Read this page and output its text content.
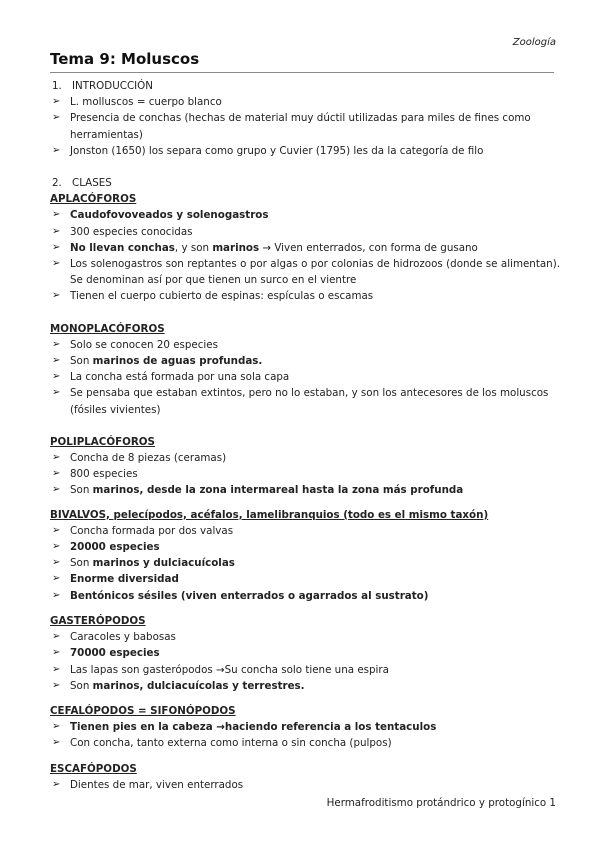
Zoología
Tema 9: Moluscos
1. INTRODUCCIÓN
➢ L. molluscos = cuerpo blanco
➢ Presencia de conchas (hechas de material muy dúctil utilizadas para miles de fines como herramientas)
➢ Jonston (1650) los separa como grupo y Cuvier (1795) les da la categoría de filo
2. CLASES
APLACÓFOROS
➢ Caudofovoveados y solenogastros
➢ 300 especies conocidas
➢ No llevan conchas, y son marinos → Viven enterrados, con forma de gusano
➢ Los solenogastros son reptantes o por algas o por colonias de hidrozoos (donde se alimentan). Se denominan así por que tienen un surco en el vientre
➢ Tienen el cuerpo cubierto de espinas: espículas o escamas
MONOPLACÓFOROS
➢ Solo se conocen 20 especies
➢ Son marinos de aguas profundas.
➢ La concha está formada por una sola capa
➢ Se pensaba que estaban extintos, pero no lo estaban, y son los antecesores de los moluscos (fósiles vivientes)
POLIPLACÓFOROS
➢ Concha de 8 piezas (ceramas)
➢ 800 especies
➢ Son marinos, desde la zona intermareal hasta la zona más profunda
BIVALVOS, pelecípodos, acéfalos, lamelibranquios (todo es el mismo taxón)
➢ Concha formada por dos valvas
➢ 20000 especies
➢ Son marinos y dulciacuícolas
➢ Enorme diversidad
➢ Bentónicos sésiles (viven enterrados o agarrados al sustrato)
GASTERÓPODOS
➢ Caracoles y babosas
➢ 70000 especies
➢ Las lapas son gasterópodos →Su concha solo tiene una espira
➢ Son marinos, dulciacuícolas y terrestres.
CEFALÓPODOS = SIFONÓPODOS
➢ Tienen pies en la cabeza →haciendo referencia a los tentaculos
➢ Con concha, tanto externa como interna o sin concha (pulpos)
ESCAFÓPODOS
➢ Dientes de mar, viven enterrados
Hermafroditismo protándrico y protogínico 1
